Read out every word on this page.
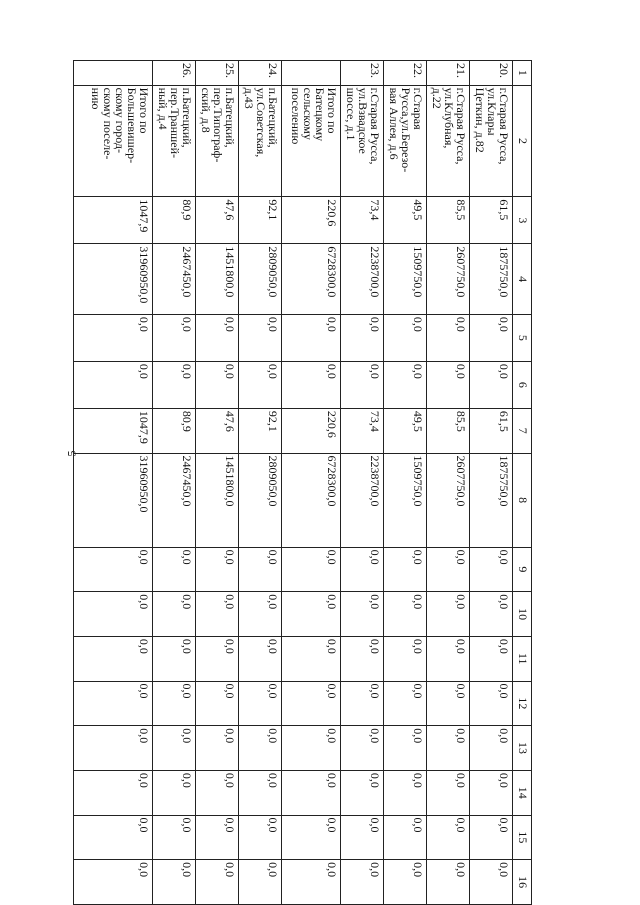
5
1	2	3	4	5	6	7	8	9	10	11	12	13	14	15	16
20.	г.Старая Русса,
ул.Клары
Цеткин, д.82	61,5	1875750,0	0,0	0,0	61,5	1875750,0	0,0	0,0	0,0	0,0	0,0	0,0	0,0	0,0
21.	г.Старая Русса,
ул.Клубная,
д.22	85,5	2607750,0	0,0	0,0	85,5	2607750,0	0,0	0,0	0,0	0,0	0,0	0,0	0,0	0,0
22.	г.Старая
Русса,ул.Березо-
вая Аллея, д.6	49,5	1509750,0	0,0	0,0	49,5	1509750,0	0,0	0,0	0,0	0,0	0,0	0,0	0,0	0,0
23.	г.Старая Русса,
ул.Взвадское
шоссе, д.1	73,4	2238700,0	0,0	0,0	73,4	2238700,0	0,0	0,0	0,0	0,0	0,0	0,0	0,0	0,0
	Итого по
Батецкому
сельскому
поселению	220,6	6728300,0	0,0	0,0	220,6	6728300,0	0,0	0,0	0,0	0,0	0,0	0,0	0,0	0,0
24.	п.Батецкий,
ул.Советская,
д.43	92,1	2809050,0	0,0	0,0	92,1	2809050,0	0,0	0,0	0,0	0,0	0,0	0,0	0,0	0,0
25.	п.Батецкий,
пер.Типограф-
ский, д.8	47,6	1451800,0	0,0	0,0	47,6	1451800,0	0,0	0,0	0,0	0,0	0,0	0,0	0,0	0,0
26.	п.Батецкий,
пер.Траншей-
ный, д.4	80,9	2467450,0	0,0	0,0	80,9	2467450,0	0,0	0,0	0,0	0,0	0,0	0,0	0,0	0,0
	Итого по
Большевишер-
скому город-
скому поселе-
нию	1047,9	31960950,0	0,0	0,0	1047,9	31960950,0	0,0	0,0	0,0	0,0	0,0	0,0	0,0	0,0
